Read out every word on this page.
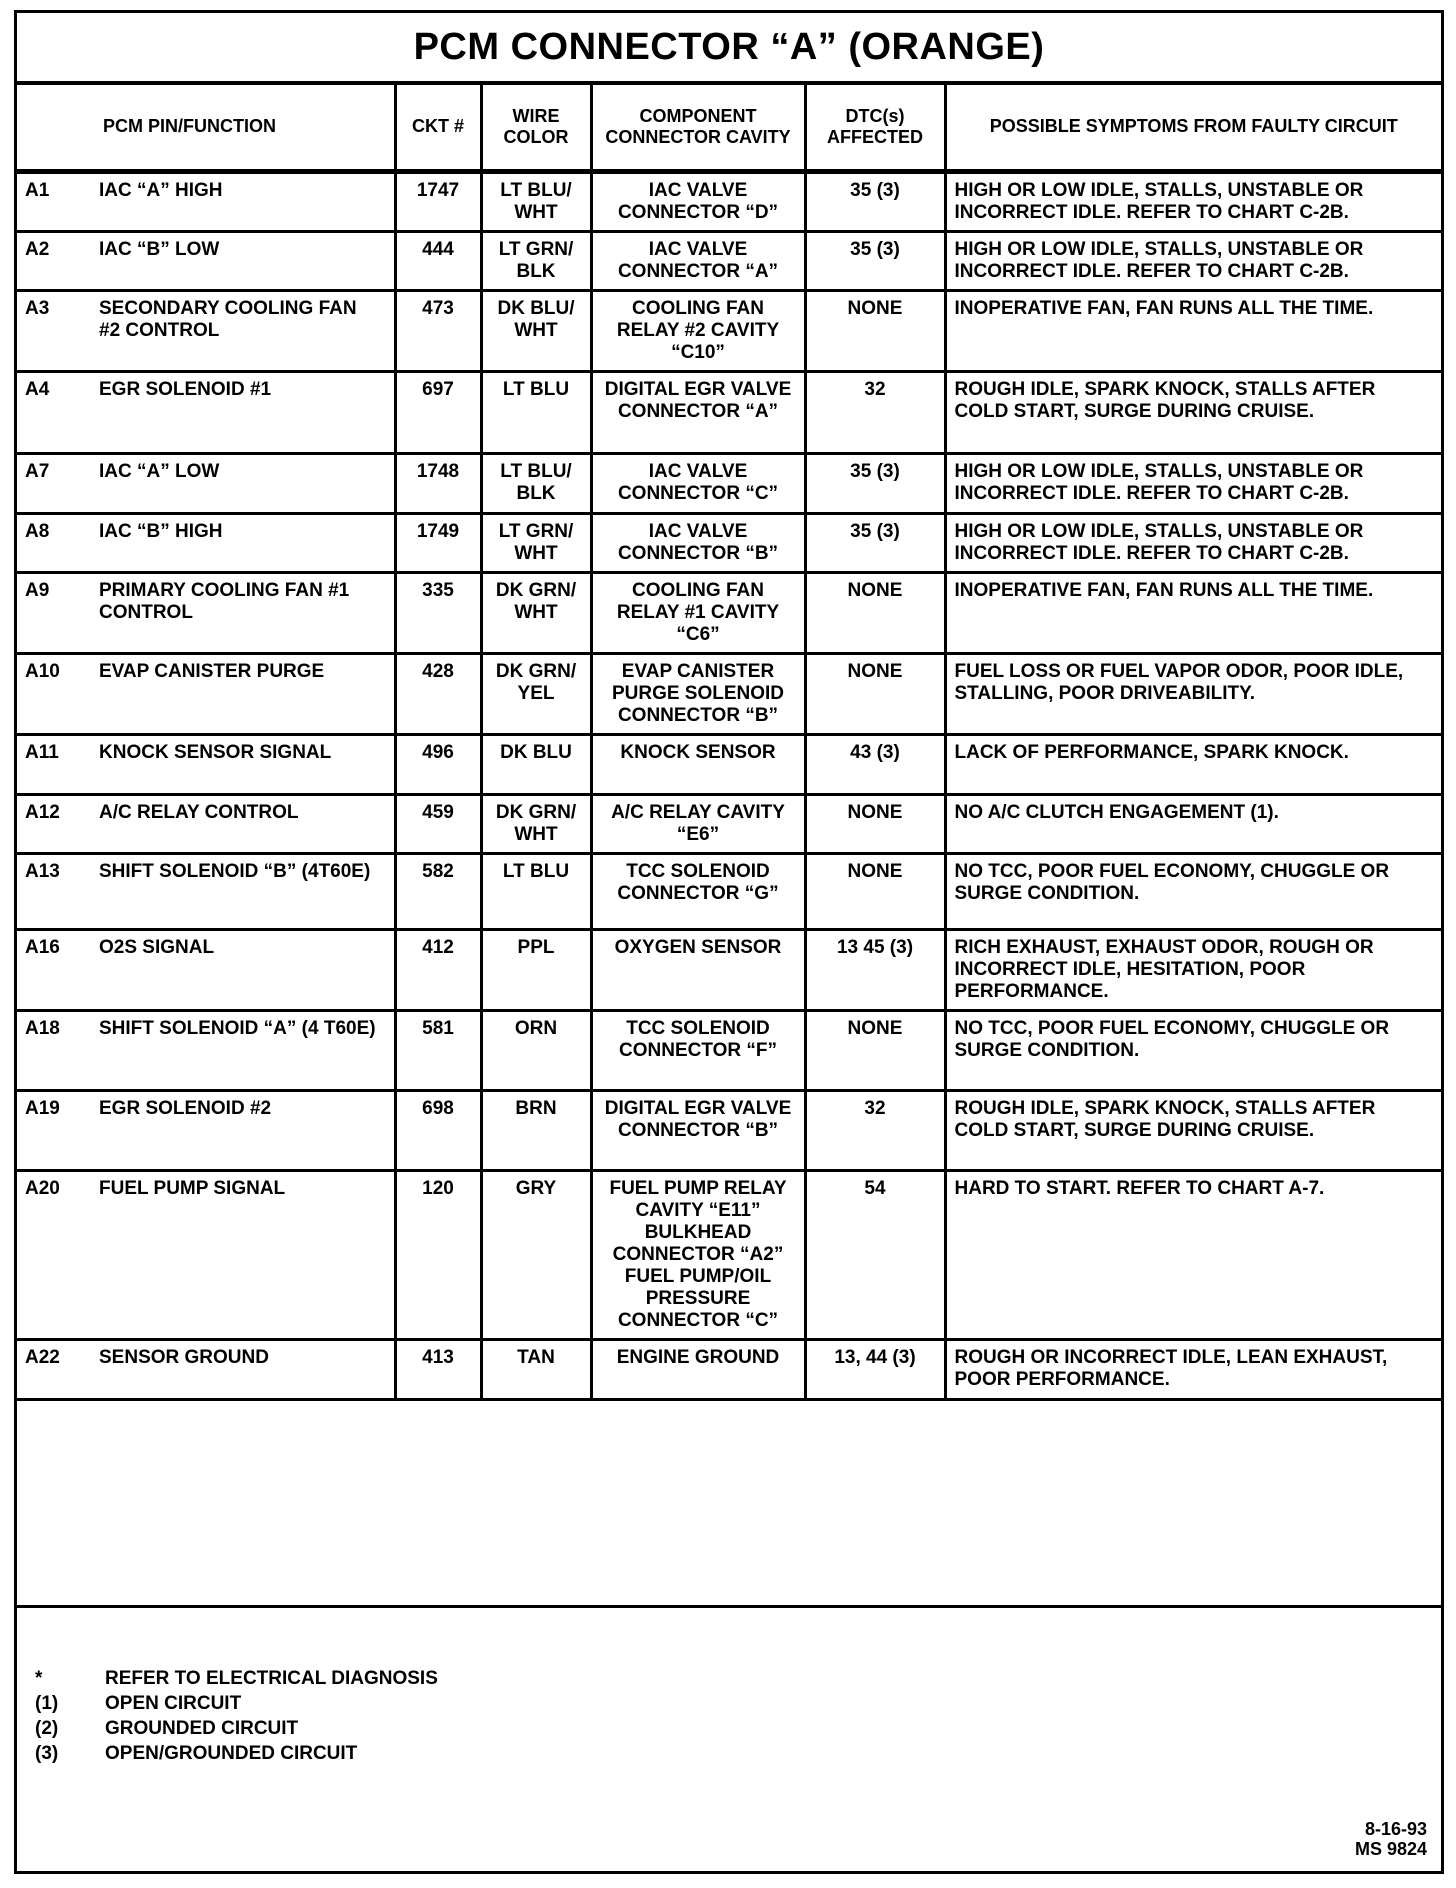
PCM CONNECTOR “A” (ORANGE)
PCM PIN/FUNCTION	CKT #	WIRE COLOR	COMPONENT CONNECTOR CAVITY	DTC(s) AFFECTED	POSSIBLE SYMPTOMS FROM FAULTY CIRCUIT
A1 IAC “A” HIGH	1747	LT BLU/ WHT	IAC VALVE CONNECTOR “D”	35 (3)	HIGH OR LOW IDLE, STALLS, UNSTABLE OR INCORRECT IDLE. REFER TO CHART C-2B.
A2 IAC “B” LOW	444	LT GRN/ BLK	IAC VALVE CONNECTOR “A”	35 (3)	HIGH OR LOW IDLE, STALLS, UNSTABLE OR INCORRECT IDLE. REFER TO CHART C-2B.
A3 SECONDARY COOLING FAN #2 CONTROL	473	DK BLU/ WHT	COOLING FAN RELAY #2 CAVITY “C10”	NONE	INOPERATIVE FAN, FAN RUNS ALL THE TIME.
A4 EGR SOLENOID #1	697	LT BLU	DIGITAL EGR VALVE CONNECTOR “A”	32	ROUGH IDLE, SPARK KNOCK, STALLS AFTER COLD START, SURGE DURING CRUISE.
A7 IAC “A” LOW	1748	LT BLU/ BLK	IAC VALVE CONNECTOR “C”	35 (3)	HIGH OR LOW IDLE, STALLS, UNSTABLE OR INCORRECT IDLE. REFER TO CHART C-2B.
A8 IAC “B” HIGH	1749	LT GRN/ WHT	IAC VALVE CONNECTOR “B”	35 (3)	HIGH OR LOW IDLE, STALLS, UNSTABLE OR INCORRECT IDLE. REFER TO CHART C-2B.
A9 PRIMARY COOLING FAN #1 CONTROL	335	DK GRN/ WHT	COOLING FAN RELAY #1 CAVITY “C6”	NONE	INOPERATIVE FAN, FAN RUNS ALL THE TIME.
A10 EVAP CANISTER PURGE	428	DK GRN/ YEL	EVAP CANISTER PURGE SOLENOID CONNECTOR “B”	NONE	FUEL LOSS OR FUEL VAPOR ODOR, POOR IDLE, STALLING, POOR DRIVEABILITY.
A11 KNOCK SENSOR SIGNAL	496	DK BLU	KNOCK SENSOR	43 (3)	LACK OF PERFORMANCE, SPARK KNOCK.
A12 A/C RELAY CONTROL	459	DK GRN/ WHT	A/C RELAY CAVITY “E6”	NONE	NO A/C CLUTCH ENGAGEMENT (1).
A13 SHIFT SOLENOID “B” (4T60E)	582	LT BLU	TCC SOLENOID CONNECTOR “G”	NONE	NO TCC, POOR FUEL ECONOMY, CHUGGLE OR SURGE CONDITION.
A16 O2S SIGNAL	412	PPL	OXYGEN SENSOR	13 45 (3)	RICH EXHAUST, EXHAUST ODOR, ROUGH OR INCORRECT IDLE, HESITATION, POOR PERFORMANCE.
A18 SHIFT SOLENOID “A” (4 T60E)	581	ORN	TCC SOLENOID CONNECTOR “F”	NONE	NO TCC, POOR FUEL ECONOMY, CHUGGLE OR SURGE CONDITION.
A19 EGR SOLENOID #2	698	BRN	DIGITAL EGR VALVE CONNECTOR “B”	32	ROUGH IDLE, SPARK KNOCK, STALLS AFTER COLD START, SURGE DURING CRUISE.
A20 FUEL PUMP SIGNAL	120	GRY	FUEL PUMP RELAY CAVITY “E11” BULKHEAD CONNECTOR “A2” FUEL PUMP/OIL PRESSURE CONNECTOR “C”	54	HARD TO START. REFER TO CHART A-7.
A22 SENSOR GROUND	413	TAN	ENGINE GROUND	13, 44 (3)	ROUGH OR INCORRECT IDLE, LEAN EXHAUST, POOR PERFORMANCE.
*	REFER TO ELECTRICAL DIAGNOSIS
(1)	OPEN CIRCUIT
(2)	GROUNDED CIRCUIT
(3)	OPEN/GROUNDED CIRCUIT
8-16-93
MS 9824
